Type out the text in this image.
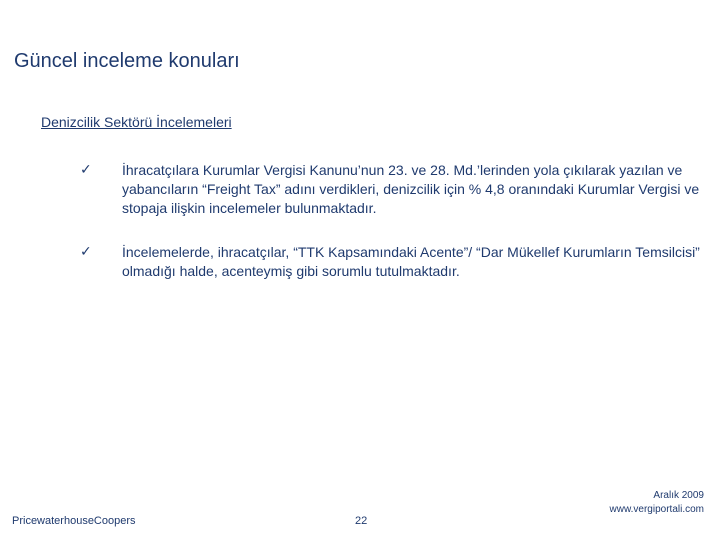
Güncel inceleme konuları
Denizcilik Sektörü İncelemeleri
✓	İhracatçılara Kurumlar Vergisi Kanunu’nun 23. ve 28. Md.’lerinden yola çıkılarak yazılan ve yabancıların “Freight Tax” adını verdikleri, denizcilik için % 4,8 oranındaki Kurumlar Vergisi ve stopaja ilişkin incelemeler bulunmaktadır.
✓	İncelemelerde, ihracatçılar, “TTK Kapsamındaki Acente”/ “Dar Mükellef Kurumların Temsilcisi” olmadığı halde, acenteymiş gibi sorumlu tutulmaktadır.
PricewaterhouseCoopers	22
Aralık 2009
www.vergiportali.com
